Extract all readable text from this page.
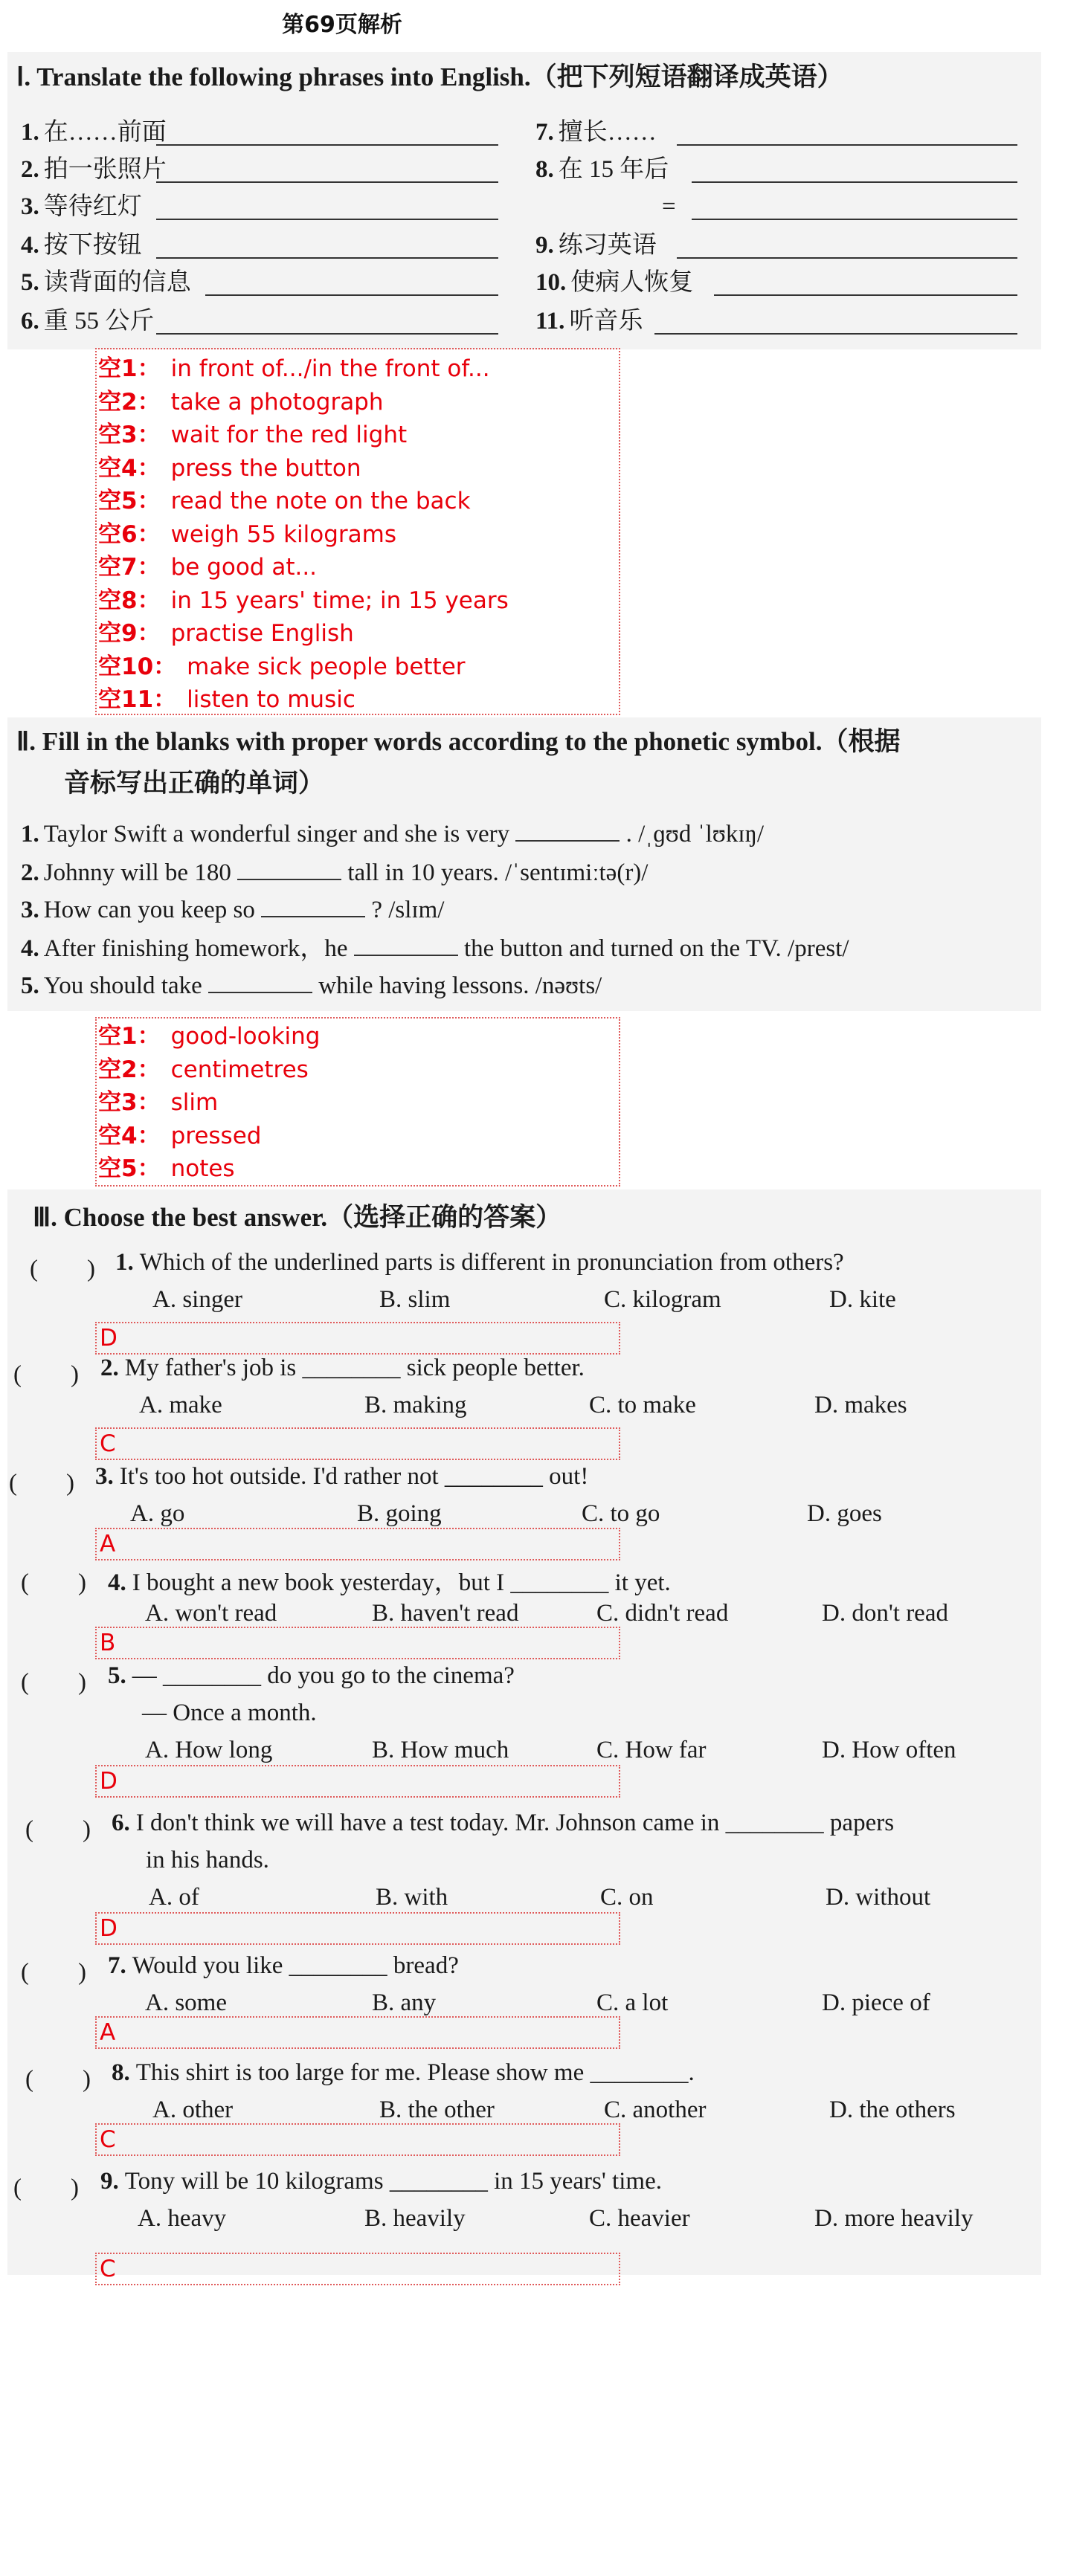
第69页解析
Ⅰ. Translate the following phrases into English.（把下列短语翻译成英语）
Ⅱ. Fill in the blanks with proper words according to the phonetic symbol.（根据
音标写出正确的单词）
Ⅲ. Choose the best answer.（选择正确的答案）
1. 在……前面
2. 拍一张照片
3. 等待红灯
4. 按下按钮
5. 读背面的信息
6. 重 55 公斤
7. 擅长……
8. 在 15 年后
=
9. 练习英语
10. 使病人恢复
11. 听音乐
空1： in front of.../in the front of...
空2： take a photograph
空3： wait for the red light
空4： press the button
空5： read the note on the back
空6： weigh 55 kilograms
空7： be good at...
空8： in 15 years' time; in 15 years
空9： practise English
空10： make sick people better
空11： listen to music
1. Taylor Swift a wonderful singer and she is very	. /ˌɡʊd ˈlʊkɪŋ/
2. Johnny will be 180	tall in 10 years. /ˈsentɪmiːtə(r)/
3. How can you keep so	? /slɪm/
4. After finishing homework，he	the button and turned on the TV. /prest/
5. You should take	while having lessons. /nəʊts/
空1： good-looking
空2： centimetres
空3： slim
空4： pressed
空5： notes
(　　) 1. Which of the underlined parts is different in pronunciation from others?
A. singer	B. slim	C. kilogram	D. kite
D
(　　) 2. My father's job is ________ sick people better.
A. make	B. making	C. to make	D. makes
C
(　　) 3. It's too hot outside. I'd rather not ________ out!
A. go	B. going	C. to go	D. goes
A
(　　) 4. I bought a new book yesterday，but I ________ it yet.
A. won't read	B. haven't read	C. didn't read	D. don't read
B
(　　) 5. — ________ do you go to the cinema?
— Once a month.
A. How long	B. How much	C. How far	D. How often
D
(　　) 6. I don't think we will have a test today. Mr. Johnson came in ________ papers
in his hands.
A. of	B. with	C. on	D. without
D
(　　) 7. Would you like ________ bread?
A. some	B. any	C. a lot	D. piece of
A
(　　) 8. This shirt is too large for me. Please show me ________.
A. other	B. the other	C. another	D. the others
C
(　　) 9. Tony will be 10 kilograms ________ in 15 years' time.
A. heavy	B. heavily	C. heavier	D. more heavily
C
